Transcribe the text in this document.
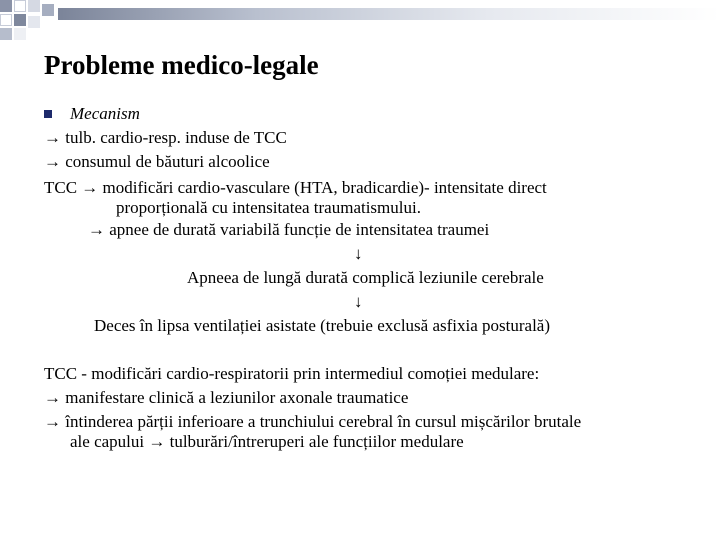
Probleme medico-legale
Mecanism
→ tulb. cardio-resp. induse de TCC
→ consumul de băuturi alcoolice
TCC → modificări cardio-vasculare (HTA, bradicardie)- intensitate direct
proporțională cu intensitatea traumatismului.
→ apnee de durată variabilă funcție de intensitatea traumei
↓
Apneea de lungă durată complică leziunile cerebrale
↓
Deces în lipsa ventilației asistate (trebuie exclusă asfixia posturală)
TCC - modificări cardio-respiratorii prin intermediul comoției medulare:
→ manifestare clinică a leziunilor axonale traumatice
→ întinderea părții inferioare a trunchiului cerebral în cursul mișcărilor brutale
ale capului → tulburări/întreruperi ale funcțiilor medulare
